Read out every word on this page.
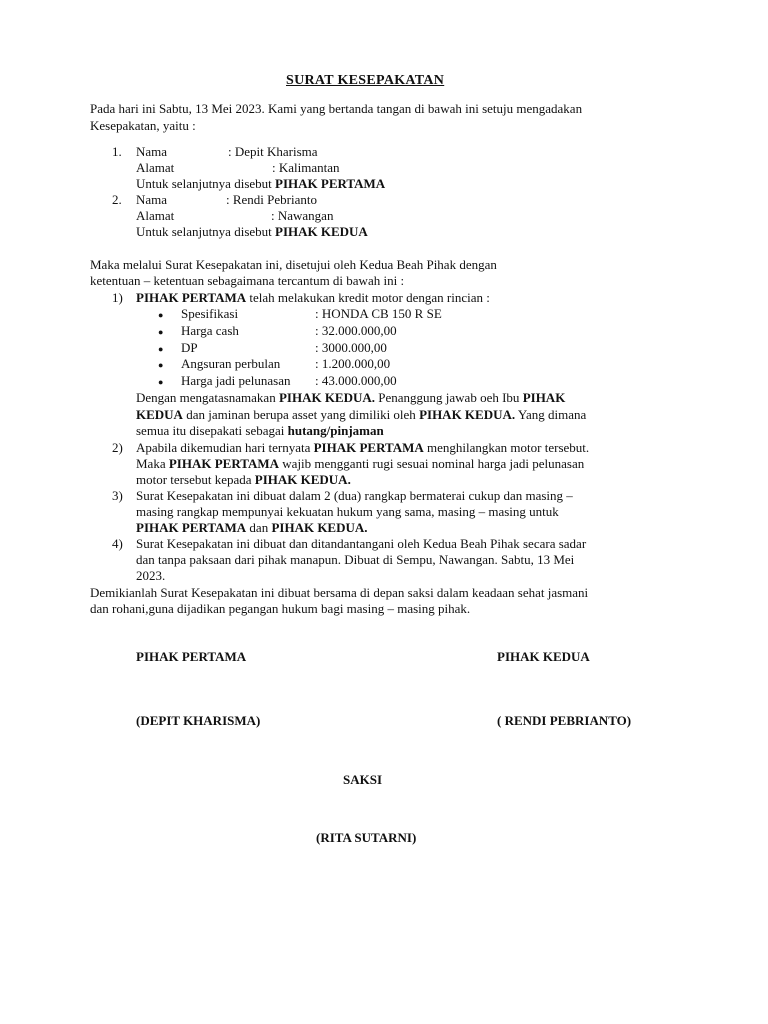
SURAT KESEPAKATAN
Pada hari ini Sabtu, 13 Mei 2023. Kami yang bertanda tangan di bawah ini setuju mengadakan
Kesepakatan, yaitu :
1. Nama	: Depit Kharisma
Alamat	: Kalimantan
Untuk selanjutnya disebut PIHAK PERTAMA
2. Nama	: Rendi Pebrianto
Alamat	: Nawangan
Untuk selanjutnya disebut PIHAK KEDUA
Maka melalui Surat Kesepakatan ini, disetujui oleh Kedua Beah Pihak dengan
ketentuan – ketentuan sebagaimana tercantum di bawah ini :
1) PIHAK PERTAMA telah melakukan kredit motor dengan rincian :
● Spesifikasi	: HONDA CB 150 R SE
● Harga cash	: 32.000.000,00
● DP	: 3000.000,00
● Angsuran perbulan	: 1.200.000,00
● Harga jadi pelunasan : 43.000.000,00
Dengan mengatasnamakan PIHAK KEDUA. Penanggung jawab oeh Ibu PIHAK
KEDUA dan jaminan berupa asset yang dimiliki oleh PIHAK KEDUA. Yang dimana
semua itu disepakati sebagai hutang/pinjaman
2) Apabila dikemudian hari ternyata PIHAK PERTAMA menghilangkan motor tersebut.
Maka PIHAK PERTAMA wajib mengganti rugi sesuai nominal harga jadi pelunasan
motor tersebut kepada PIHAK KEDUA.
3) Surat Kesepakatan ini dibuat dalam 2 (dua) rangkap bermaterai cukup dan masing –
masing rangkap mempunyai kekuatan hukum yang sama, masing – masing untuk
PIHAK PERTAMA dan PIHAK KEDUA.
4) Surat Kesepakatan ini dibuat dan ditandantangani oleh Kedua Beah Pihak secara sadar
dan tanpa paksaan dari pihak manapun. Dibuat di Sempu, Nawangan. Sabtu, 13 Mei
2023.
Demikianlah Surat Kesepakatan ini dibuat bersama di depan saksi dalam keadaan sehat jasmani
dan rohani,guna dijadikan pegangan hukum bagi masing – masing pihak.
PIHAK PERTAMA	PIHAK KEDUA
(DEPIT KHARISMA)	( RENDI PEBRIANTO)
SAKSI
(RITA SUTARNI)
